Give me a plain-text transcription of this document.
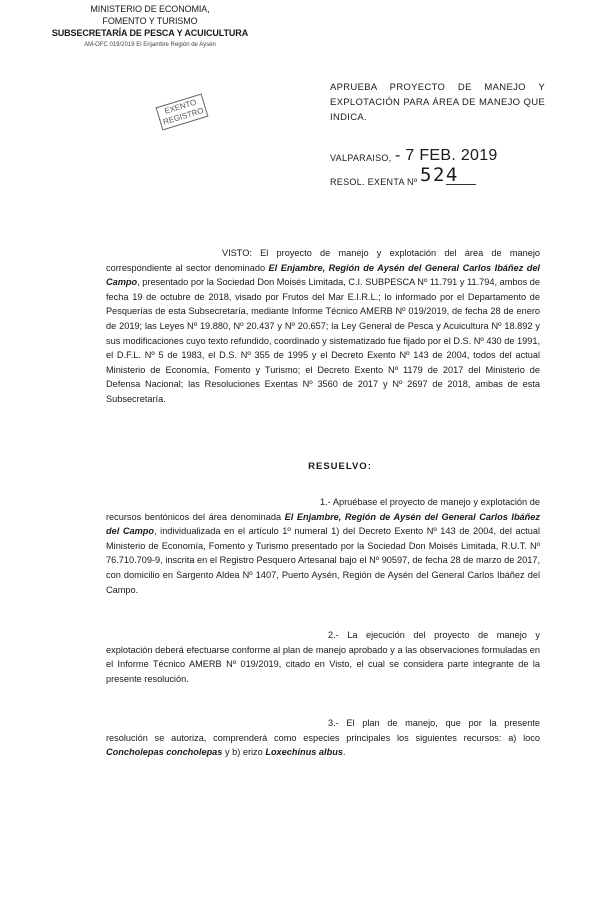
MINISTERIO DE ECONOMIA,
FOMENTO Y TURISMO
SUBSECRETARÍA DE PESCA Y ACUICULTURA
AM-OFC 019/2019 El Enjambre Región de Aysén
EXENTO REGISTRO
APRUEBA PROYECTO DE MANEJO Y EXPLOTACIÓN PARA ÁREA DE MANEJO QUE INDICA.
VALPARAISO, - 7 FEB. 2019
RESOL. EXENTA Nº 524
VISTO: El proyecto de manejo y explotación del área de manejo correspondiente al sector denominado El Enjambre, Región de Aysén del General Carlos Ibáñez del Campo, presentado por la Sociedad Don Moisés Limitada, C.I. SUBPESCA Nº 11.791 y 11.794, ambos de fecha 19 de octubre de 2018, visado por Frutos del Mar E.I.R.L.; lo informado por el Departamento de Pesquerías de esta Subsecretaría, mediante Informe Técnico AMERB Nº 019/2019, de fecha 28 de enero de 2019; las Leyes Nº 19.880, Nº 20.437 y Nº 20.657; la Ley General de Pesca y Acuicultura Nº 18.892 y sus modificaciones cuyo texto refundido, coordinado y sistematizado fue fijado por el D.S. Nº 430 de 1991, el D.F.L. Nº 5 de 1983, el D.S. Nº 355 de 1995 y el Decreto Exento Nº 143 de 2004, todos del actual Ministerio de Economía, Fomento y Turismo; el Decreto Exento Nº 1179 de 2017 del Ministerio de Defensa Nacional; las Resoluciones Exentas Nº 3560 de 2017 y Nº 2697 de 2018, ambas de esta Subsecretaría.
RESUELVO:
1.- Apruébase el proyecto de manejo y explotación de recursos bentónicos del área denominada El Enjambre, Región de Aysén del General Carlos Ibáñez del Campo, individualizada en el artículo 1º numeral 1) del Decreto Exento Nº 143 de 2004, del actual Ministerio de Economía, Fomento y Turismo presentado por la Sociedad Don Moisés Limitada, R.U.T. Nº 76.710.709-9, inscrita en el Registro Pesquero Artesanal bajo el Nº 90597, de fecha 28 de marzo de 2017, con domicilio en Sargento Aldea Nº 1407, Puerto Aysén, Región de Aysén del General Carlos Ibáñez del Campo.
2.- La ejecución del proyecto de manejo y explotación deberá efectuarse conforme al plan de manejo aprobado y a las observaciones formuladas en el Informe Técnico AMERB Nº 019/2019, citado en Visto, el cual se considera parte integrante de la presente resolución.
3.- El plan de manejo, que por la presente resolución se autoriza, comprenderá como especies principales los siguientes recursos: a) loco Concholepas concholepas y b) erizo Loxechinus albus.
